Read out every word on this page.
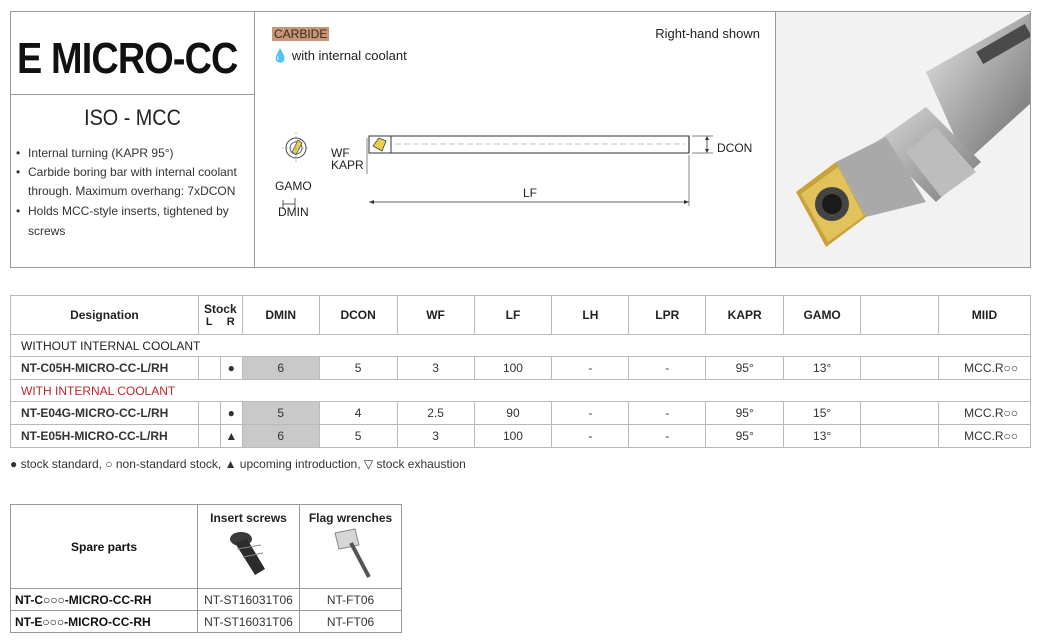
E MICRO-CC
ISO - MCC
• Internal turning (KAPR 95°)
• Carbide boring bar with internal coolant
through. Maximum overhang: 7xDCON
• Holds MCC-style inserts, tightened by
screws
CARBIDE
💧 with internal coolant
Right-hand shown
WF
KAPR
DCON
LF
GAMO
DMIN
Designation	Stock
L R		DMIN	DCON	WF	LF	LH	LPR	KAPR	GAMO		MIID
WITHOUT INTERNAL COOLANT												
NT-C05H-MICRO-CC-L/RH		●	6	5	3	100	-	-	95°	13°		MCC.R○○
WITH INTERNAL COOLANT												
NT-E04G-MICRO-CC-L/RH		●	5	4	2.5	90	-	-	95°	15°		MCC.R○○
NT-E05H-MICRO-CC-L/RH		▲	6	5	3	100	-	-	95°	13°		MCC.R○○
● stock standard, ○ non-standard stock, ▲ upcoming introduction, ▽ stock exhaustion
Spare parts	Insert screws	Flag wrenches

NT-C○○○-MICRO-CC-RH	NT-ST16031T06	NT-FT06
NT-E○○○-MICRO-CC-RH	NT-ST16031T06	NT-FT06
